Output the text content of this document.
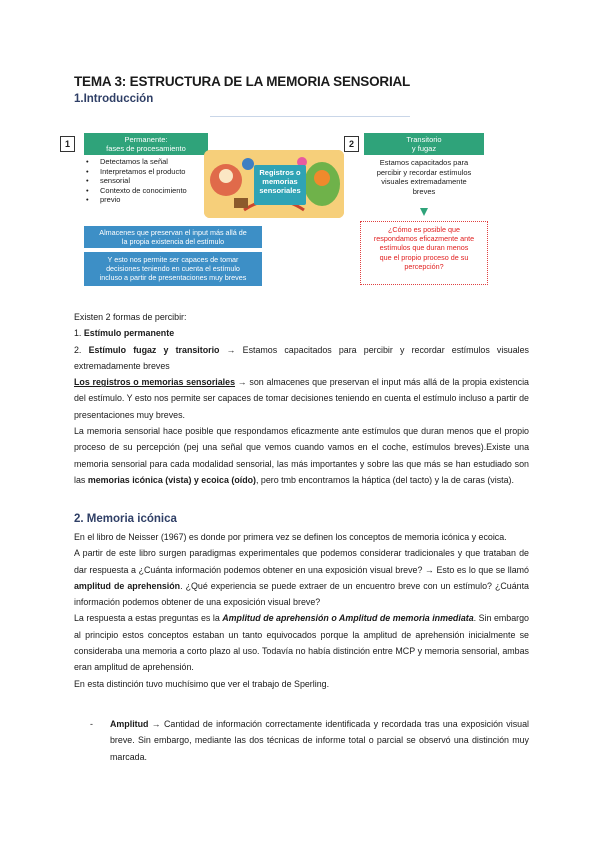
TEMA 3: ESTRUCTURA DE LA MEMORIA SENSORIAL
1.Introducción
1	2
Permanente:
fases de procesamiento
• Detectamos la señal
• Interpretamos el producto
• sensorial
• Contexto de conocimiento
• previo
Almacenes que preservan el input más allá de
la propia existencia del estímulo
Y esto nos permite ser capaces de tomar
decisiones teniendo en cuenta el estímulo
incluso a partir de presentaciones muy breves
Registros o
memorias
sensoriales
Transitorio
y fugaz
Estamos capacitados para
percibir y recordar estímulos
visuales extremadamente
breves
¿Cómo es posible que
respondamos eficazmente ante
estímulos que duran menos
que el propio proceso de su
percepción?

Existen 2 formas de percibir:

1. Estímulo permanente

2. Estímulo fugaz y transitorio → Estamos capacitados para percibir y recordar estímulos visuales extremadamente breves

Los registros o memorias sensoriales → son almacenes que preservan el input más allá de la propia existencia del estímulo. Y esto nos permite ser capaces de tomar decisiones teniendo en cuenta el estímulo incluso a partir de presentaciones muy breves.

La memoria sensorial hace posible que respondamos eficazmente ante estímulos que duran menos que el propio proceso de su percepción (pej una señal que vemos cuando vamos en el coche, estímulos breves).Existe una memoria sensorial para cada modalidad sensorial, las más importantes y sobre las que más se han estudiado son las memorias icónica (vista) y ecoica (oído), pero tmb encontramos la háptica (del tacto) y la de caras (vista).

2. Memoria icónica

En el libro de Neisser (1967) es donde por primera vez se definen los conceptos de memoria icónica y ecoica.

A partir de este libro surgen paradigmas experimentales que podemos considerar tradicionales y que trataban de dar respuesta a ¿Cuánta información podemos obtener en una exposición visual breve? → Esto es lo que se llamó amplitud de aprehensión. ¿Qué experiencia se puede extraer de un encuentro breve con un estímulo? ¿Cuánta información podemos obtener de una exposición visual breve?

La respuesta a estas preguntas es la Amplitud de aprehensión o Amplitud de memoria inmediata. Sin embargo al principio estos conceptos estaban un tanto equivocados porque la amplitud de aprehensión inicialmente se consideraba una memoria a corto plazo al uso. Todavía no había distinción entre MCP y memoria sensorial, ambas eran amplitud de aprehensión.

En esta distinción tuvo muchísimo que ver el trabajo de Sperling.

- Amplitud → Cantidad de información correctamente identificada y recordada tras una exposición visual breve. Sin embargo, mediante las dos técnicas de informe total o parcial se observó una distinción muy marcada.
